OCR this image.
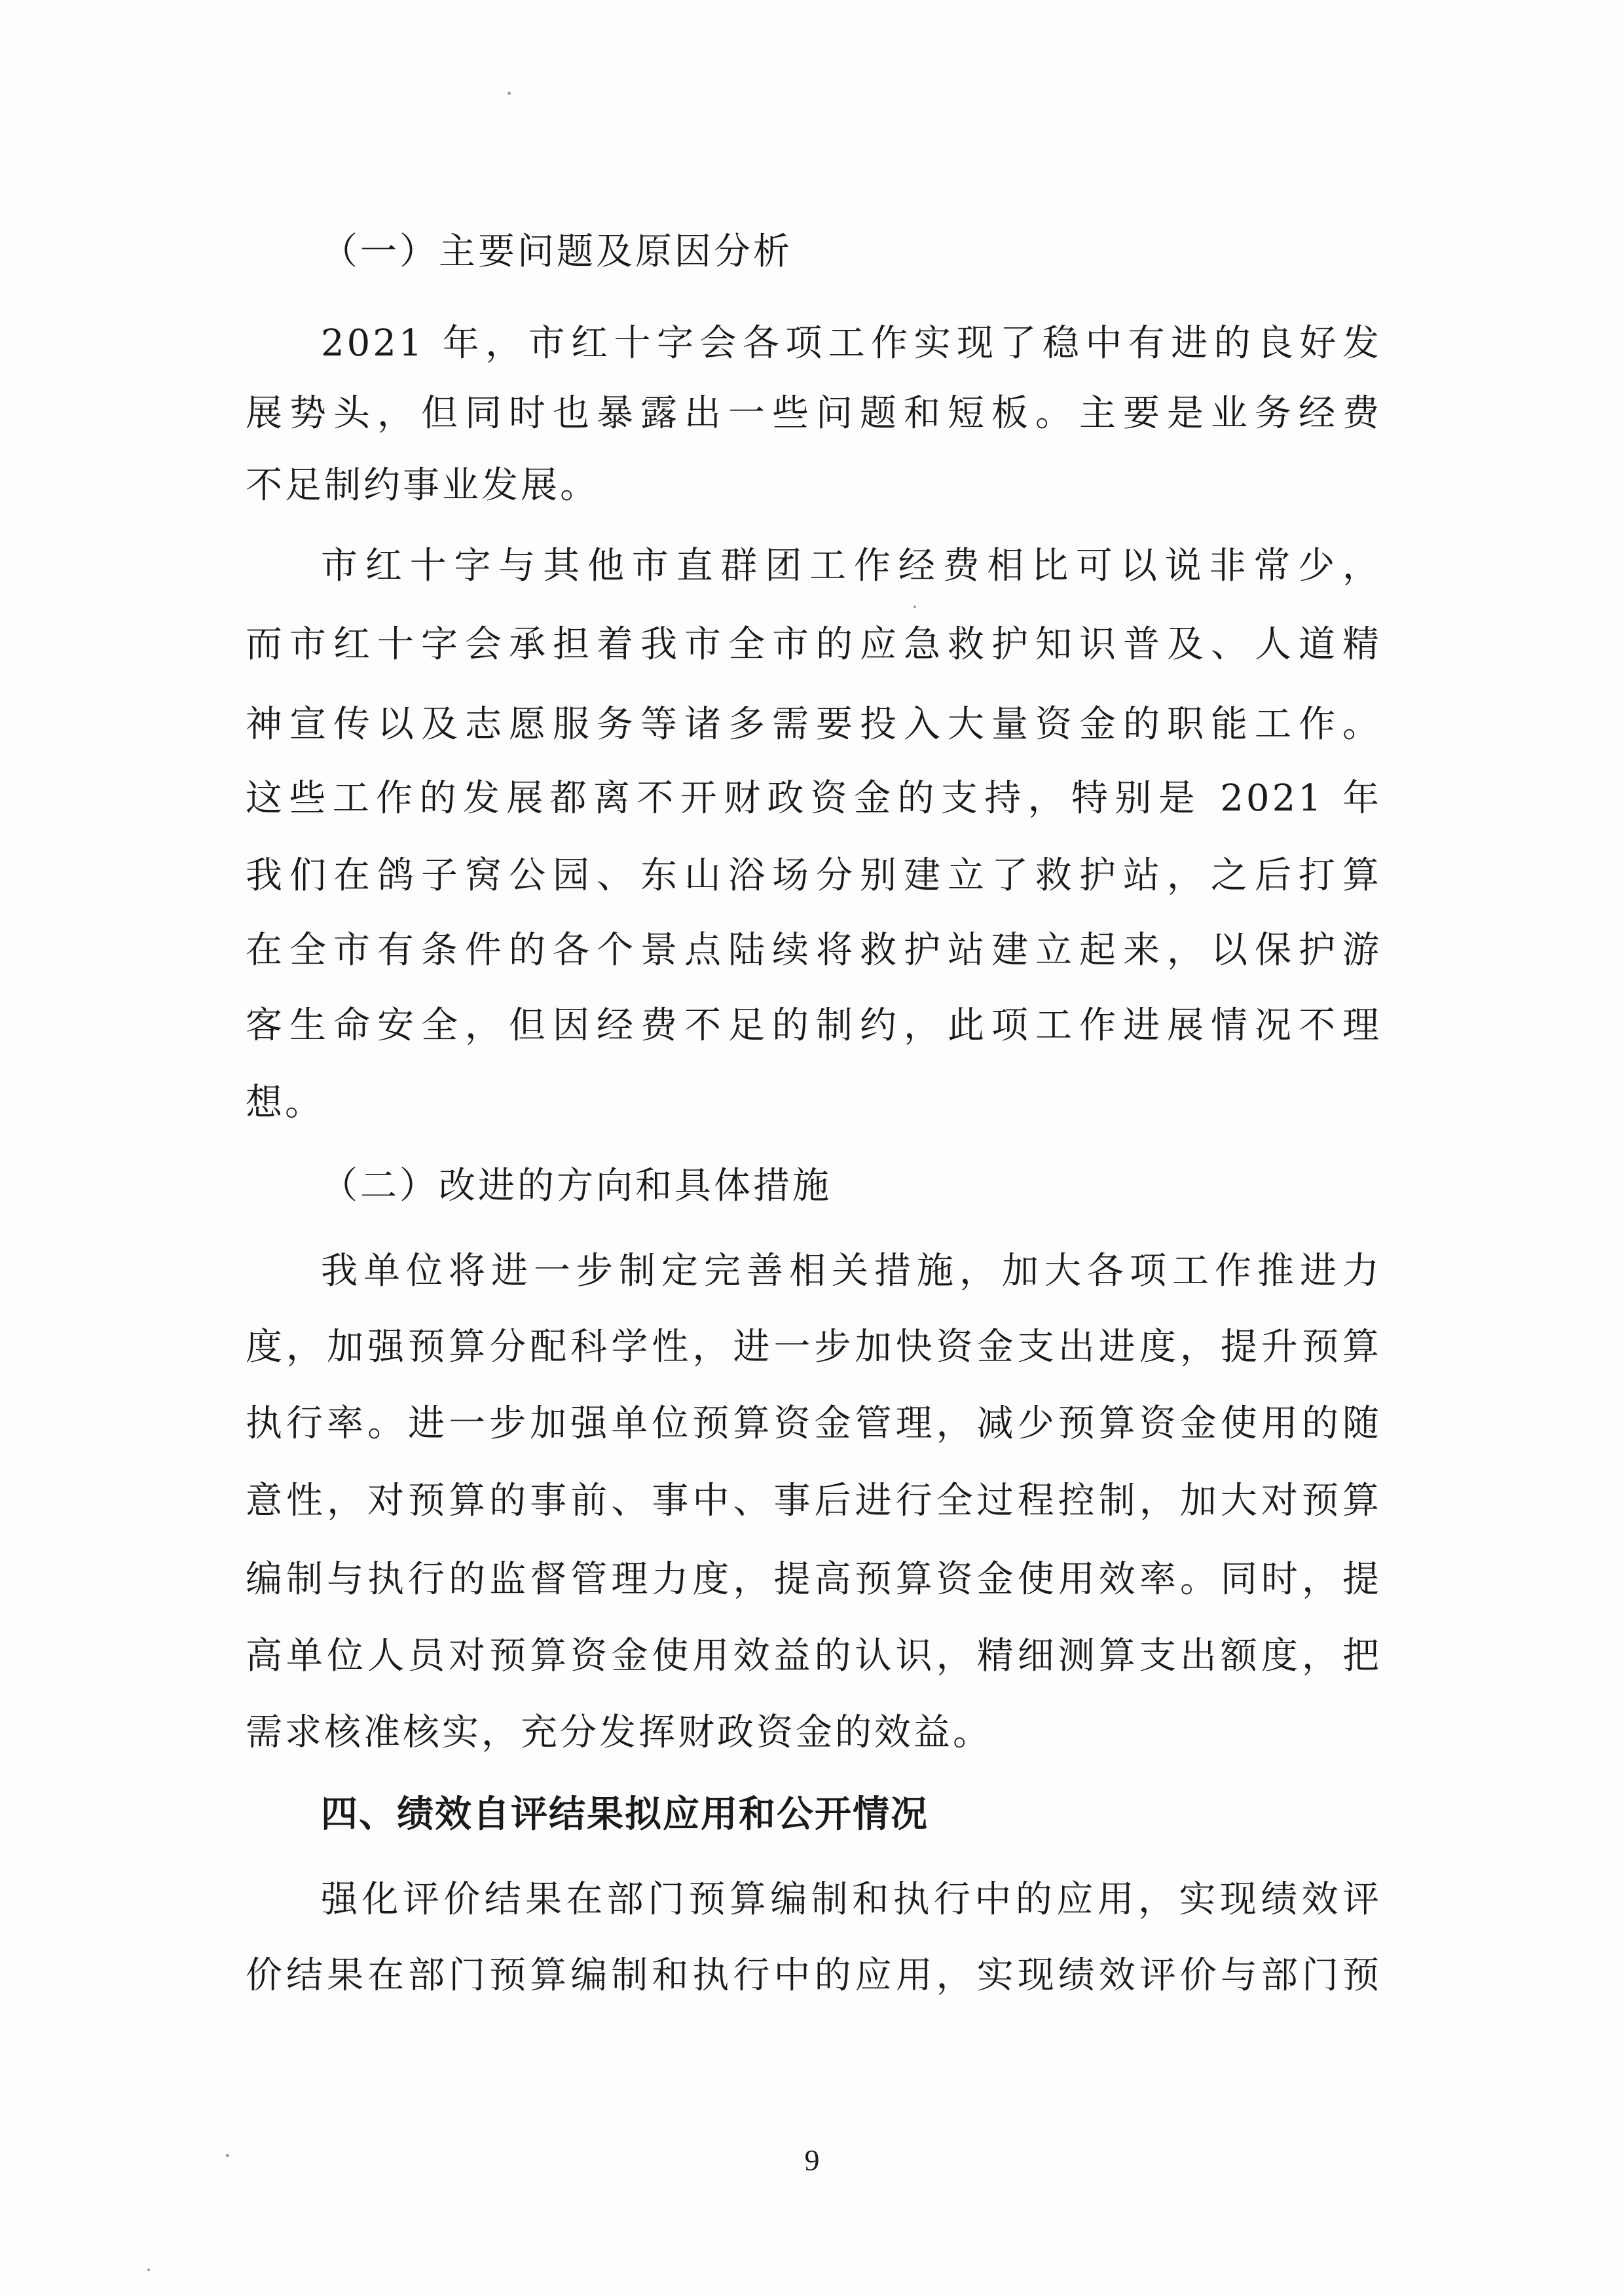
（一）主要问题及原因分析
2021 年，市红十字会各项工作实现了稳中有进的良好发
展势头，但同时也暴露出一些问题和短板。主要是业务经费
不足制约事业发展。
市红十字与其他市直群团工作经费相比可以说非常少，
而市红十字会承担着我市全市的应急救护知识普及、人道精
神宣传以及志愿服务等诸多需要投入大量资金的职能工作。
这些工作的发展都离不开财政资金的支持，特别是 2021 年
我们在鸽子窝公园、东山浴场分别建立了救护站，之后打算
在全市有条件的各个景点陆续将救护站建立起来，以保护游
客生命安全，但因经费不足的制约，此项工作进展情况不理
想。
（二）改进的方向和具体措施
我单位将进一步制定完善相关措施，加大各项工作推进力
度，加强预算分配科学性，进一步加快资金支出进度，提升预算
执行率。进一步加强单位预算资金管理，减少预算资金使用的随
意性，对预算的事前、事中、事后进行全过程控制，加大对预算
编制与执行的监督管理力度，提高预算资金使用效率。同时，提
高单位人员对预算资金使用效益的认识，精细测算支出额度，把
需求核准核实，充分发挥财政资金的效益。
四、绩效自评结果拟应用和公开情况
强化评价结果在部门预算编制和执行中的应用，实现绩效评
价结果在部门预算编制和执行中的应用，实现绩效评价与部门预
9
